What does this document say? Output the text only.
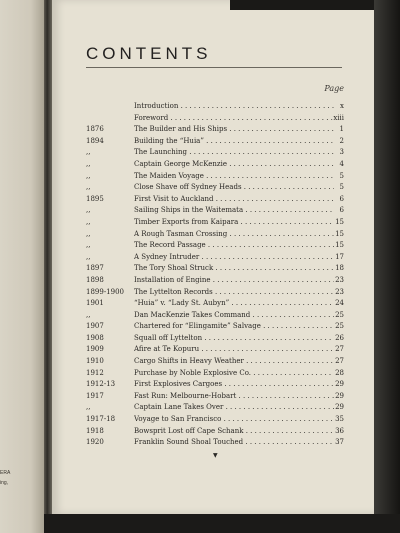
ERA
ing,
CONTENTS
Page
Introduction . . .	x
Foreword . . .	xiii
1876	The Builder and His Ships . . .	1
1894	Building the “Huia” . . .	2
,,	The Launching . . .	3
,,	Captain George McKenzie . . .	4
,,	The Maiden Voyage . . .	5
,,	Close Shave off Sydney Heads . . .	5
1895	First Visit to Auckland . . .	6
,,	Sailing Ships in the Waitemata . . .	6
,,	Timber Exports from Kaipara . . .	15
,,	A Rough Tasman Crossing . . .	15
,,	The Record Passage . . .	15
,,	A Sydney Intruder . . .	17
1897	The Tory Shoal Struck . . .	18
1898	Installation of Engine . . .	23
1899-1900	The Lyttelton Records . . .	23
1901	“Huia” v. “Lady St. Aubyn” . . .	24
,,	Dan MacKenzie Takes Command . . .	25
1907	Chartered for “Elingamite” Salvage . . .	25
1908	Squall off Lyttelton . . .	26
1909	Afire at Te Kopuru . . .	27
1910	Cargo Shifts in Heavy Weather . . .	27
1912	Purchase by Noble Explosive Co. . . .	28
1912-13	First Explosives Cargoes . . .	29
1917	Fast Run: Melbourne-Hobart . . .	29
,,	Captain Lane Takes Over . . .	29
1917-18	Voyage to San Francisco . . .	35
1918	Bowsprit Lost off Cape Schank . . .	36
1920	Franklin Sound Shoal Touched . . .	37
▼
